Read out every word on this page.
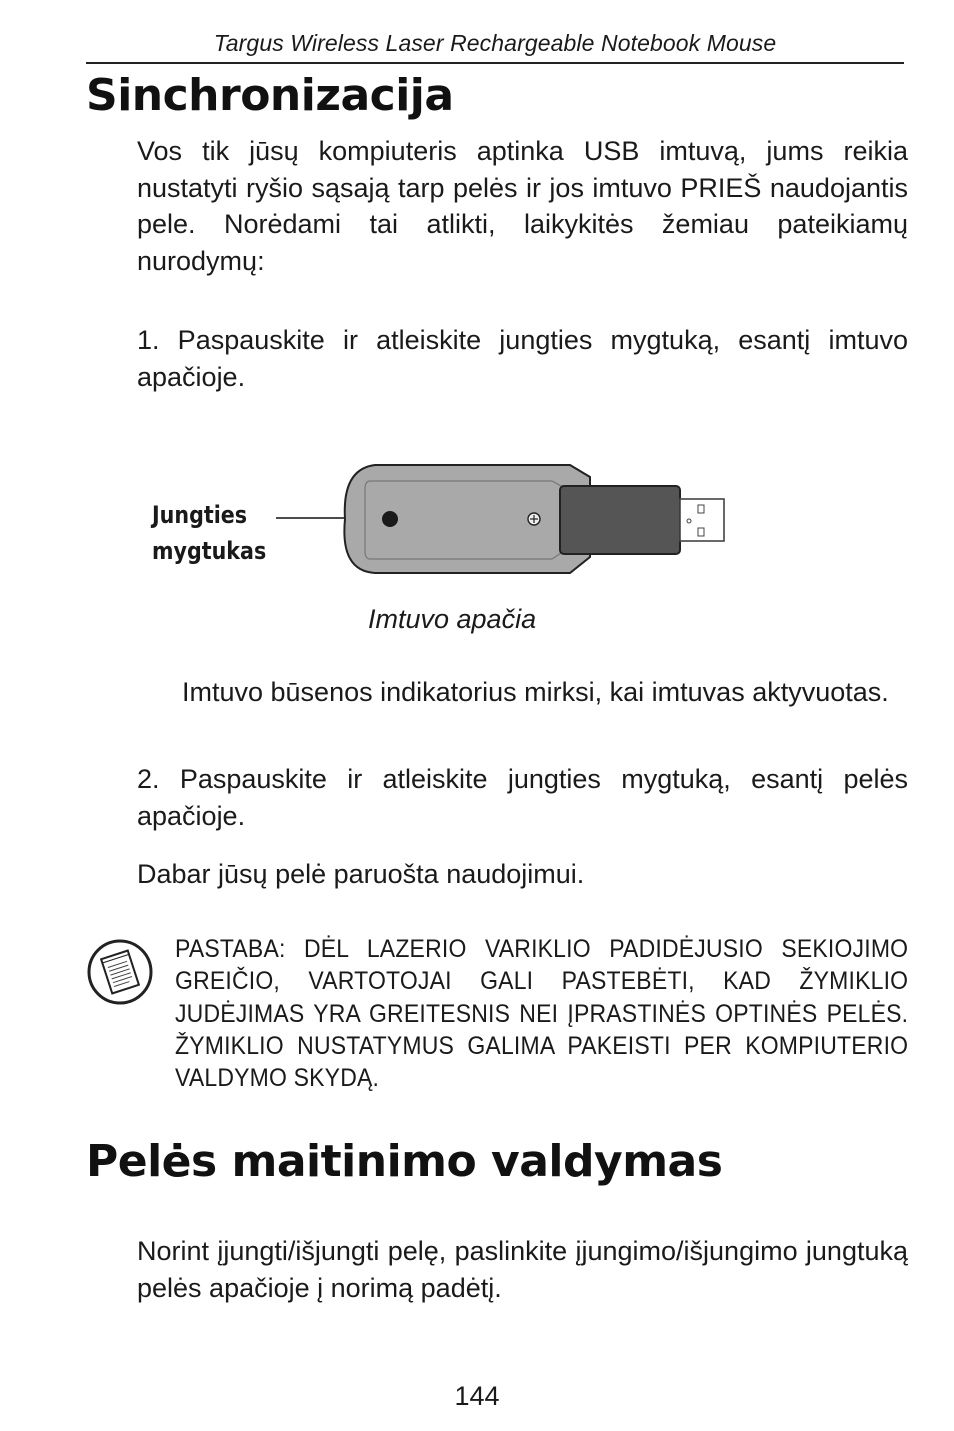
Targus Wireless Laser Rechargeable Notebook Mouse
Sinchronizacija
Vos tik jūsų kompiuteris aptinka USB imtuvą, jums reikia nustatyti ryšio sąsają tarp pelės ir jos imtuvo PRIEŠ naudojantis pele. Norėdami tai atlikti, laikykitės žemiau pateikiamų nurodymų:
1. Paspauskite ir atleiskite jungties mygtuką, esantį imtuvo apačioje.
Jungties
mygtukas
Imtuvo apačia
Imtuvo būsenos indikatorius mirksi, kai imtuvas aktyvuotas.
2. Paspauskite ir atleiskite jungties mygtuką, esantį pelės apačioje.
Dabar jūsų pelė paruošta naudojimui.
PASTABA: DĖL LAZERIO VARIKLIO PADIDĖJUSIO SEKIOJIMO GREIČIO, VARTOTOJAI GALI PASTEBĖTI, KAD ŽYMIKLIO JUDĖJIMAS YRA GREITESNIS NEI ĮPRASTINĖS OPTINĖS PELĖS. ŽYMIKLIO NUSTATYMUS GALIMA PAKEISTI PER KOMPIUTERIO VALDYMO SKYDĄ.
Pelės maitinimo valdymas
Norint įjungti/išjungti pelę, paslinkite įjungimo/išjungimo jungtuką pelės apačioje į norimą padėtį.
144
